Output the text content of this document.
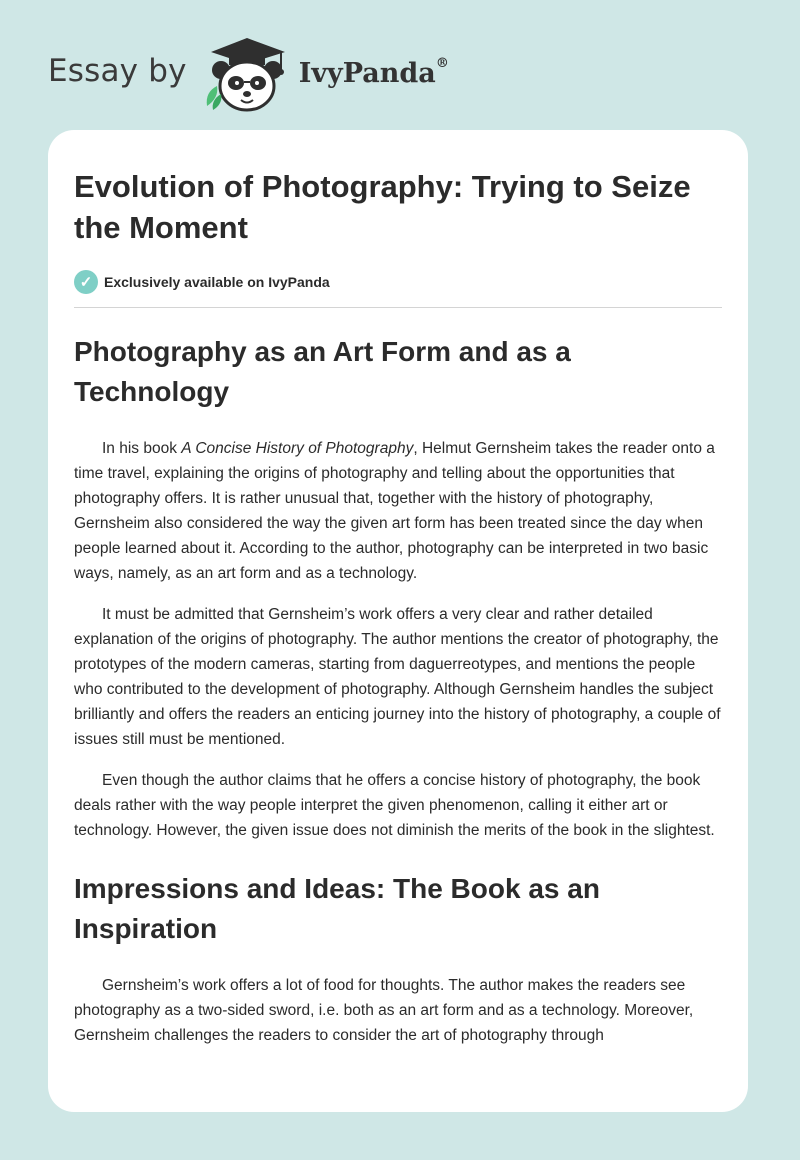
Essay by	IvyPanda®
Evolution of Photography: Trying to Seize the Moment
✓ Exclusively available on IvyPanda
Photography as an Art Form and as a Technology

In his book A Concise History of Photography, Helmut Gernsheim takes the reader onto a time travel, explaining the origins of photography and telling about the opportunities that photography offers. It is rather unusual that, together with the history of photography, Gernsheim also considered the way the given art form has been treated since the day when people learned about it. According to the author, photography can be interpreted in two basic ways, namely, as an art form and as a technology.

It must be admitted that Gernsheim’s work offers a very clear and rather detailed explanation of the origins of photography. The author mentions the creator of photography, the prototypes of the modern cameras, starting from daguerreotypes, and mentions the people who contributed to the development of photography. Although Gernsheim handles the subject brilliantly and offers the readers an enticing journey into the history of photography, a couple of issues still must be mentioned.

Even though the author claims that he offers a concise history of photography, the book deals rather with the way people interpret the given phenomenon, calling it either art or technology. However, the given issue does not diminish the merits of the book in the slightest.

Impressions and Ideas: The Book as an Inspiration

Gernsheim’s work offers a lot of food for thoughts. The author makes the readers see photography as a two-sided sword, i.e. both as an art form and as a technology. Moreover, Gernsheim challenges the readers to consider the art of photography through
